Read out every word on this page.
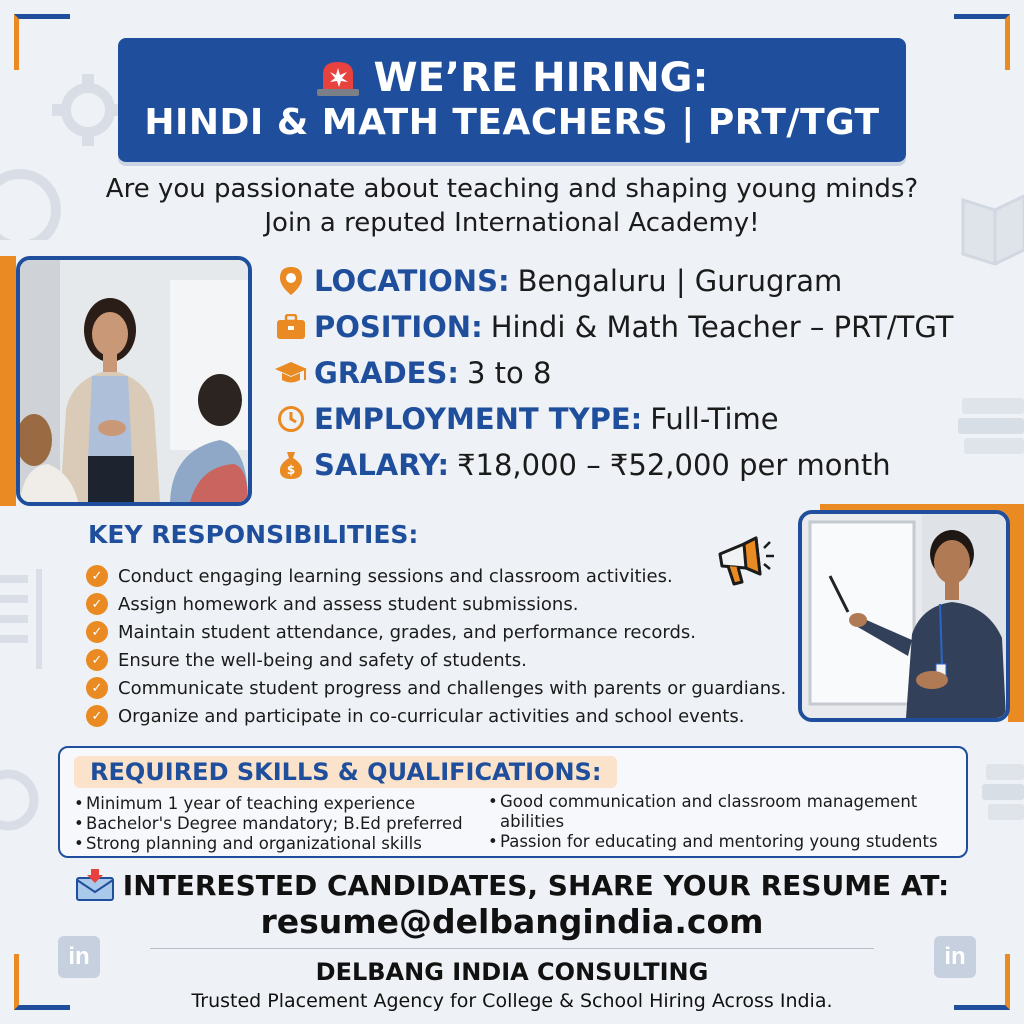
WE’RE HIRING:
HINDI & MATH TEACHERS | PRT/TGT
Are you passionate about teaching and shaping young minds? Join a reputed International Academy!
LOCATIONS: Bengaluru | Gurugram
POSITION: Hindi & Math Teacher – PRT/TGT
GRADES: 3 to 8
EMPLOYMENT TYPE: Full-Time
$ SALARY: ₹18,000 – ₹52,000 per month
KEY RESPONSIBILITIES:
✓ Conduct engaging learning sessions and classroom activities.
✓ Assign homework and assess student submissions.
✓ Maintain student attendance, grades, and performance records.
✓ Ensure the well-being and safety of students.
✓ Communicate student progress and challenges with parents or guardians.
✓ Organize and participate in co-curricular activities and school events.
REQUIRED SKILLS & QUALIFICATIONS:
• Minimum 1 year of teaching experience
• Bachelor's Degree mandatory; B.Ed preferred
• Strong planning and organizational skills
• Good communication and classroom management abilities
• Passion for educating and mentoring young students
INTERESTED CANDIDATES, SHARE YOUR RESUME AT:
resume@delbangindia.com
DELBANG INDIA CONSULTING
Trusted Placement Agency for College & School Hiring Across India.
in	in
